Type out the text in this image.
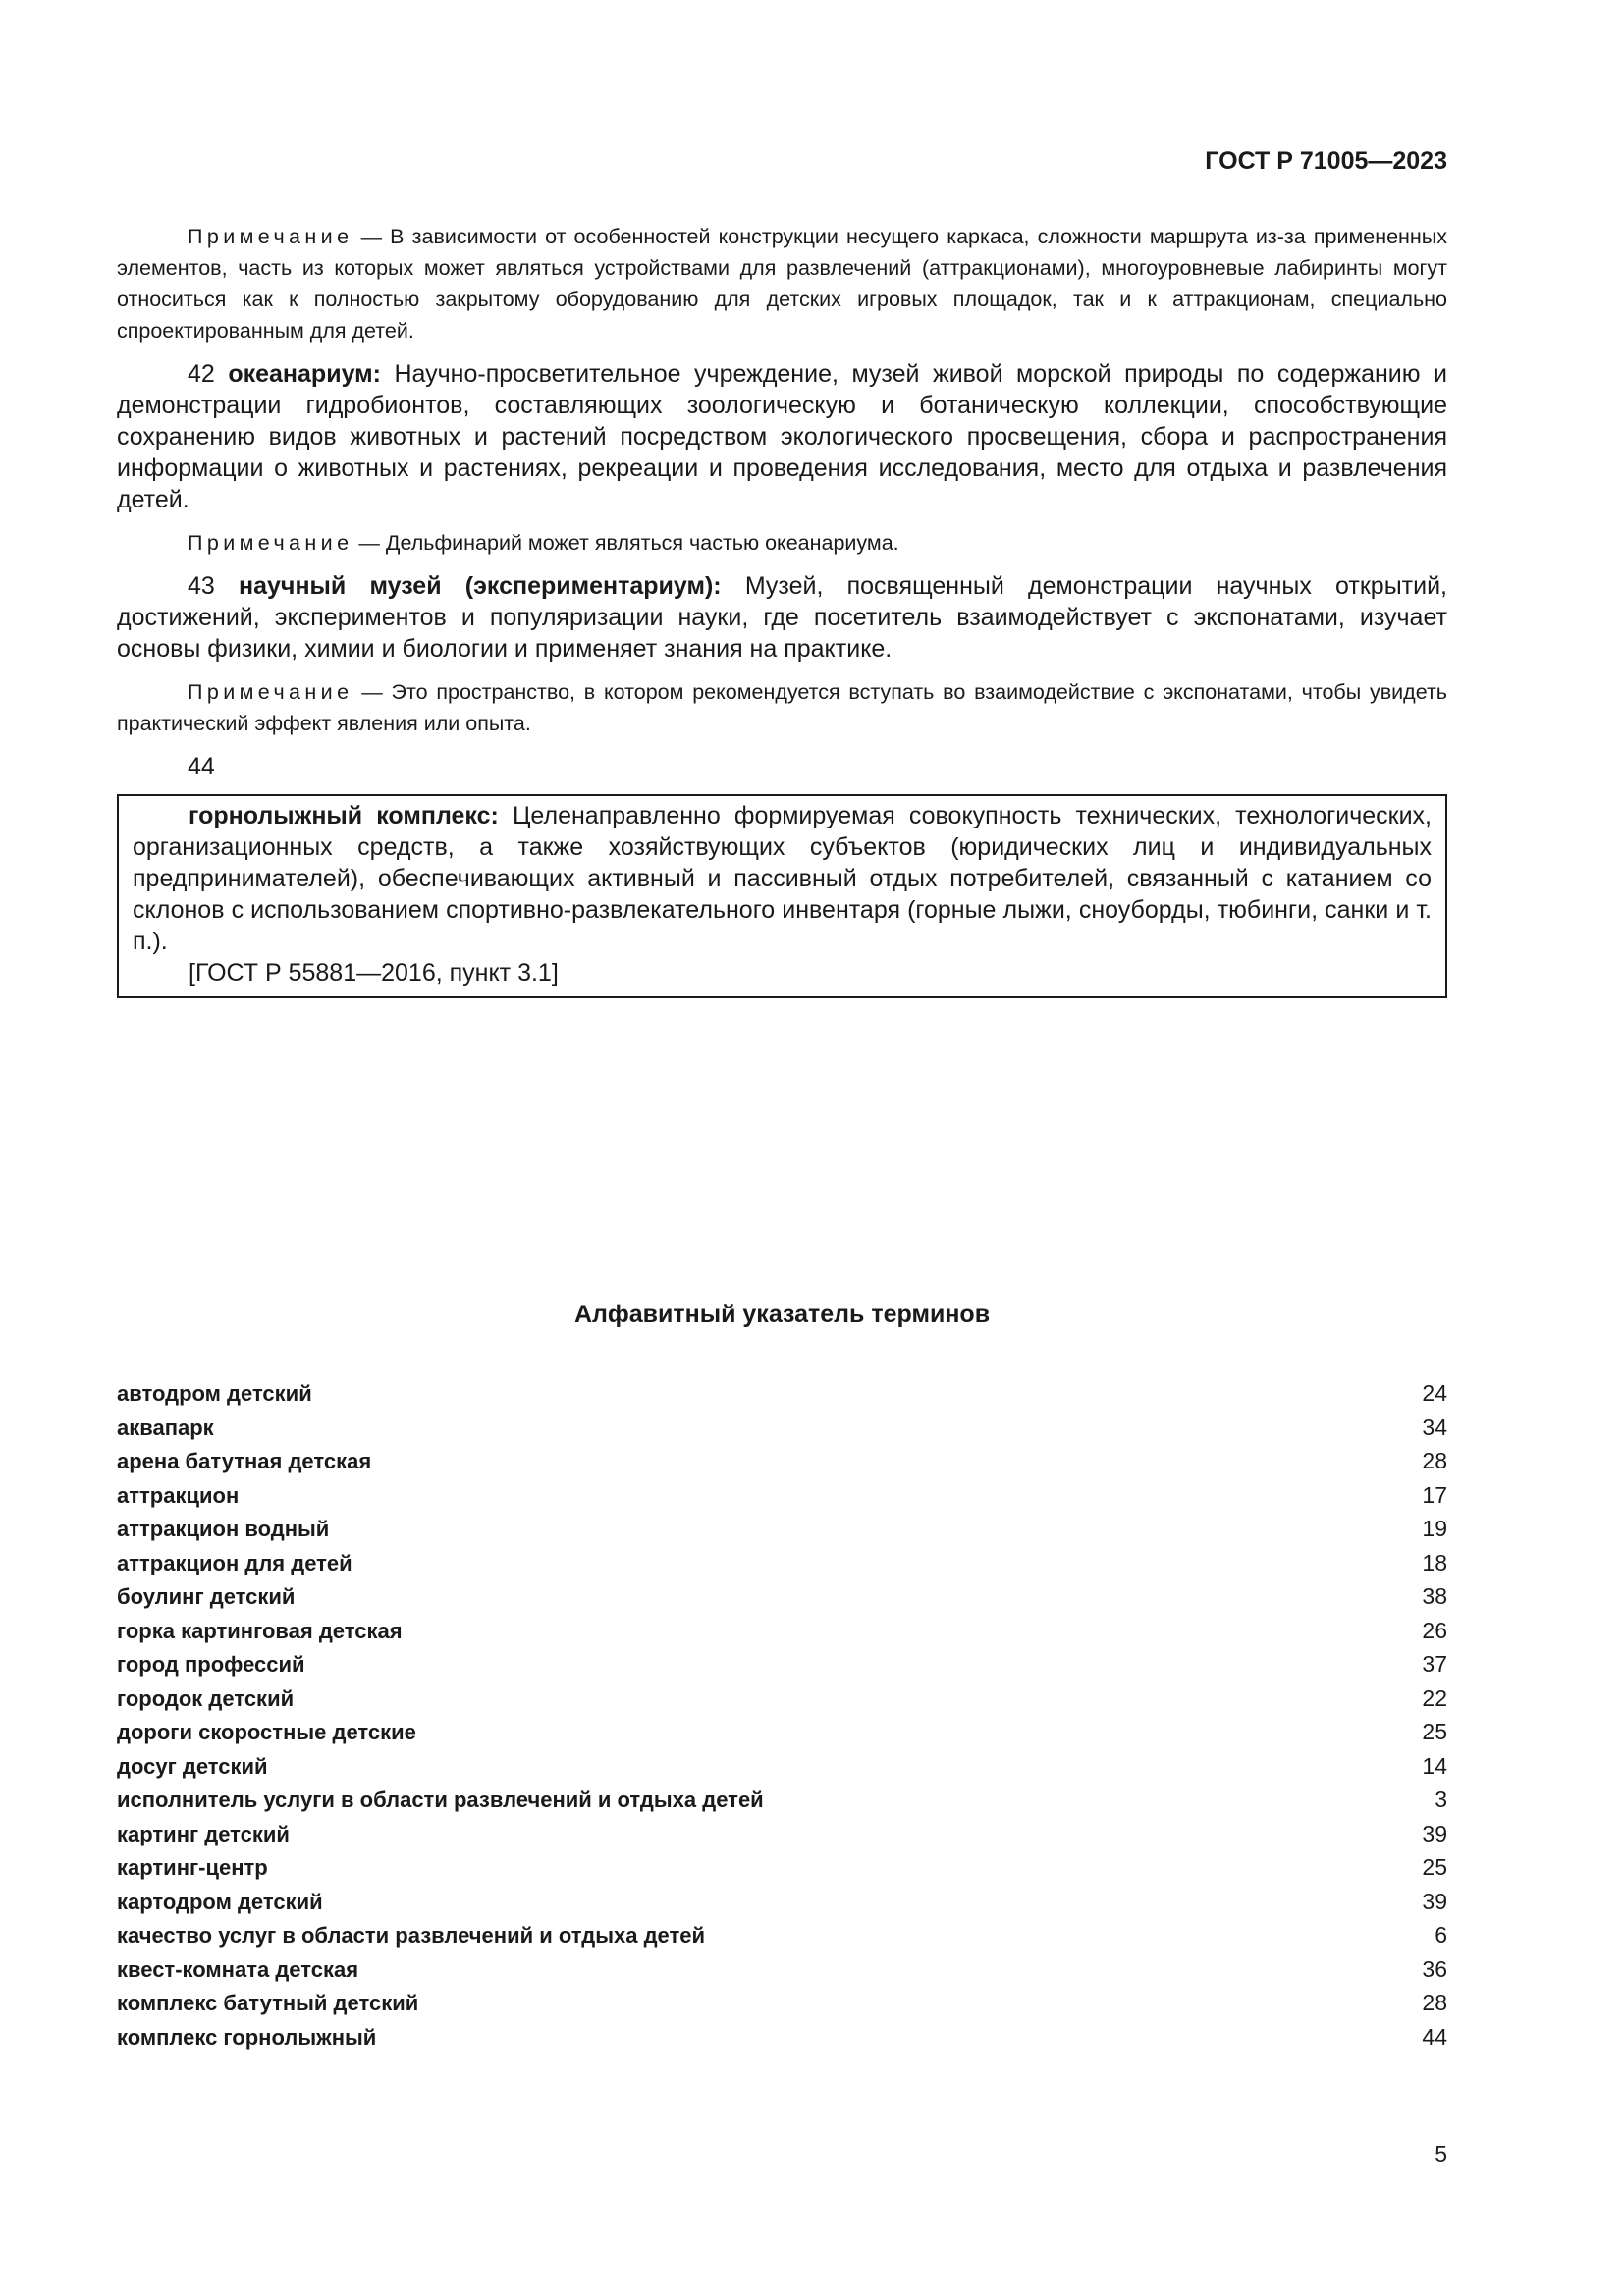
ГОСТ Р 71005—2023

Примечание — В зависимости от особенностей конструкции несущего каркаса, сложности маршрута из-за примененных элементов, часть из которых может являться устройствами для развлечений (аттракционами), многоуровневые лабиринты могут относиться как к полностью закрытому оборудованию для детских игровых площадок, так и к аттракционам, специально спроектированным для детей.

42 океанариум: Научно-просветительное учреждение, музей живой морской природы по содержанию и демонстрации гидробионтов, составляющих зоологическую и ботаническую коллекции, способствующие сохранению видов животных и растений посредством экологического просвещения, сбора и распространения информации о животных и растениях, рекреации и проведения исследования, место для отдыха и развлечения детей.

Примечание — Дельфинарий может являться частью океанариума.

43 научный музей (экспериментариум): Музей, посвященный демонстрации научных открытий, достижений, экспериментов и популяризации науки, где посетитель взаимодействует с экспонатами, изучает основы физики, химии и биологии и применяет знания на практике.

Примечание — Это пространство, в котором рекомендуется вступать во взаимодействие с экспонатами, чтобы увидеть практический эффект явления или опыта.

44

горнолыжный комплекс: Целенаправленно формируемая совокупность технических, технологических, организационных средств, а также хозяйствующих субъектов (юридических лиц и индивидуальных предпринимателей), обеспечивающих активный и пассивный отдых потребителей, связанный с катанием со склонов с использованием спортивно-развлекательного инвентаря (горные лыжи, сноуборды, тюбинги, санки и т. п.).

[ГОСТ Р 55881—2016, пункт 3.1]

Алфавитный указатель терминов
автодром детский	24
аквапарк	34
арена батутная детская	28
аттракцион	17
аттракцион водный	19
аттракцион для детей	18
боулинг детский	38
горка картинговая детская	26
город профессий	37
городок детский	22
дороги скоростные детские	25
досуг детский	14
исполнитель услуги в области развлечений и отдыха детей	3
картинг детский	39
картинг-центр	25
картодром детский	39
качество услуг в области развлечений и отдыха детей	6
квест-комната детская	36
комплекс батутный детский	28
комплекс горнолыжный	44
5
